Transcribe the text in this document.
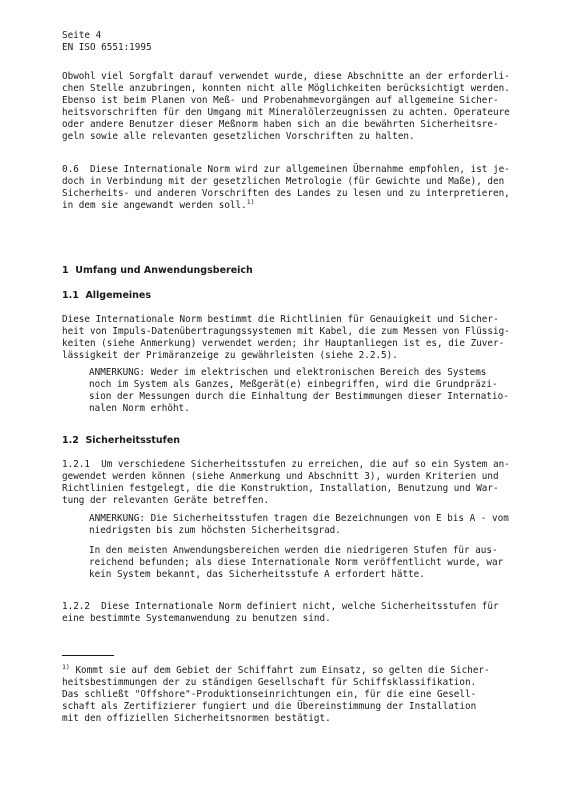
Seite 4
EN ISO 6551:1995
Obwohl viel Sorgfalt darauf verwendet wurde, diese Abschnitte an der erforderli-
chen Stelle anzubringen, konnten nicht alle Möglichkeiten berücksichtigt werden.
Ebenso ist beim Planen von Meß- und Probenahmevorgängen auf allgemeine Sicher-
heitsvorschriften für den Umgang mit Mineralölerzeugnissen zu achten. Operateure
oder andere Benutzer dieser Meßnorm haben sich an die bewährten Sicherheitsre-
geln sowie alle relevanten gesetzlichen Vorschriften zu halten.
0.6  Diese Internationale Norm wird zur allgemeinen Übernahme empfohlen, ist je-
doch in Verbindung mit der gesetzlichen Metrologie (für Gewichte und Maße), den
Sicherheits- und anderen Vorschriften des Landes zu lesen und zu interpretieren,
in dem sie angewandt werden soll.$^{1)}$
1  Umfang und Anwendungsbereich
1.1  Allgemeines
Diese Internationale Norm bestimmt die Richtlinien für Genauigkeit und Sicher-
heit von Impuls-Datenübertragungssystemen mit Kabel, die zum Messen von Flüssig-
keiten (siehe Anmerkung) verwendet werden; ihr Hauptanliegen ist es, die Zuver-
lässigkeit der Primäranzeige zu gewährleisten (siehe 2.2.5).
ANMERKUNG: Weder im elektrischen und elektronischen Bereich des Systems
noch im System als Ganzes, Meßgerät(e) einbegriffen, wird die Grundpräzi-
sion der Messungen durch die Einhaltung der Bestimmungen dieser Internatio-
nalen Norm erhöht.
1.2  Sicherheitsstufen
1.2.1  Um verschiedene Sicherheitsstufen zu erreichen, die auf so ein System an-
gewendet werden können (siehe Anmerkung und Abschnitt 3), wurden Kriterien und
Richtlinien festgelegt, die die Konstruktion, Installation, Benutzung und War-
tung der relevanten Geräte betreffen.
ANMERKUNG: Die Sicherheitsstufen tragen die Bezeichnungen von E bis A - vom
niedrigsten bis zum höchsten Sicherheitsgrad.
In den meisten Anwendungsbereichen werden die niedrigeren Stufen für aus-
reichend befunden; als diese Internationale Norm veröffentlicht wurde, war
kein System bekannt, das Sicherheitsstufe A erfordert hätte.
1.2.2  Diese Internationale Norm definiert nicht, welche Sicherheitsstufen für
eine bestimmte Systemanwendung zu benutzen sind.
$^{1)}$ Kommt sie auf dem Gebiet der Schiffahrt zum Einsatz, so gelten die Sicher-
heitsbestimmungen der zu ständigen Gesellschaft für Schiffsklassifikation.
Das schließt "Offshore"-Produktionseinrichtungen ein, für die eine Gesell-
schaft als Zertifizierer fungiert und die Übereinstimmung der Installation
mit den offiziellen Sicherheitsnormen bestätigt.
